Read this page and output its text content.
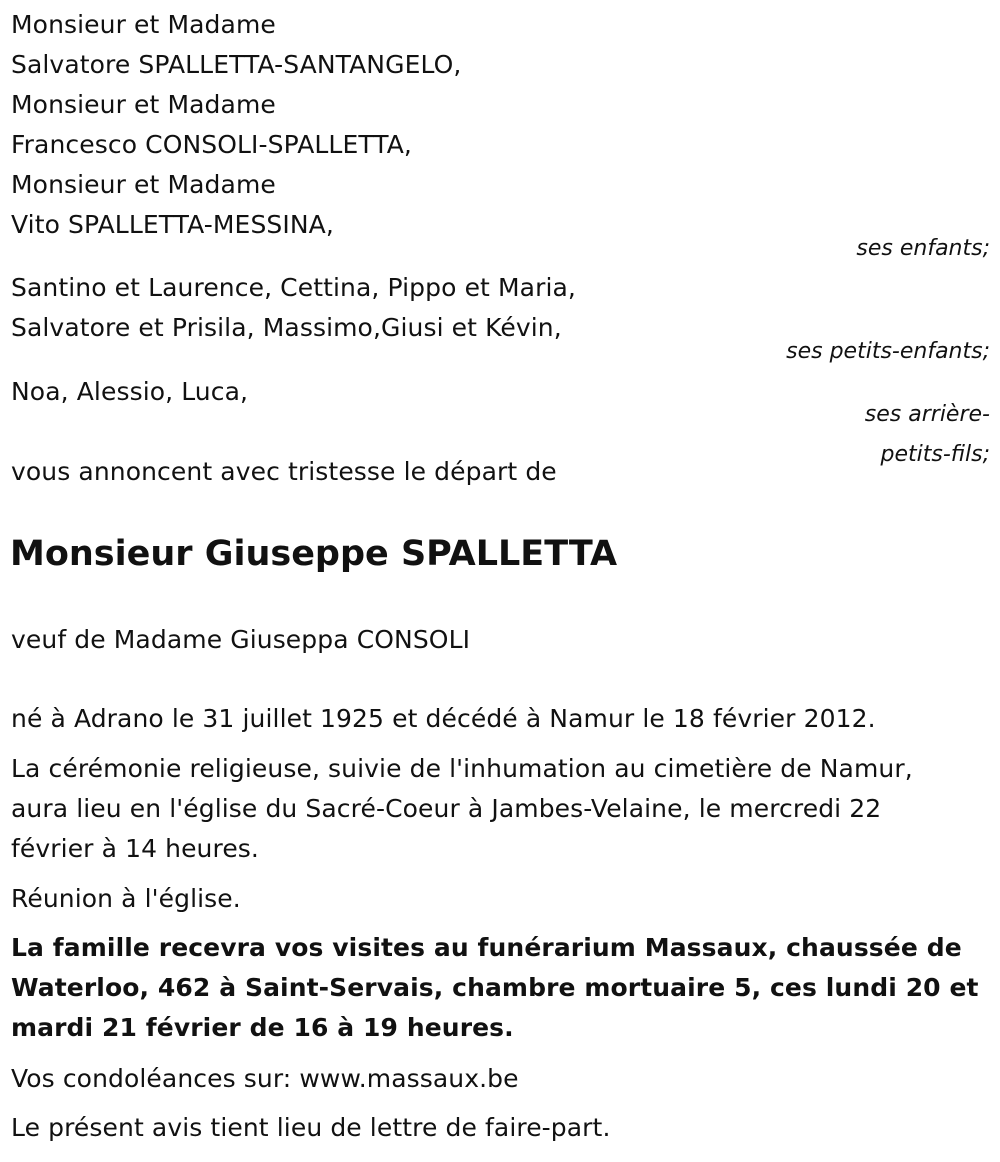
Monsieur et Madame
Salvatore SPALLETTA-SANTANGELO,
Monsieur et Madame
Francesco CONSOLI-SPALLETTA,
Monsieur et Madame
Vito SPALLETTA-MESSINA,
ses enfants;
Santino et Laurence, Cettina, Pippo et Maria,
Salvatore et Prisila, Massimo,Giusi et Kévin,
ses petits-enfants;
Noa, Alessio, Luca,
ses arrière-
petits-fils;
vous annoncent avec tristesse le départ de
Monsieur Giuseppe SPALLETTA
veuf de Madame Giuseppa CONSOLI
né à Adrano le 31 juillet 1925 et décédé à Namur le 18 février 2012.
La cérémonie religieuse, suivie de l'inhumation au cimetière de Namur,
aura lieu en l'église du Sacré-Coeur à Jambes-Velaine, le mercredi 22
février à 14 heures.
Réunion à l'église.
La famille recevra vos visites au funérarium Massaux, chaussée de
Waterloo, 462 à Saint-Servais, chambre mortuaire 5, ces lundi 20 et
mardi 21 février de 16 à 19 heures.
Vos condoléances sur: www.massaux.be
Le présent avis tient lieu de lettre de faire-part.
